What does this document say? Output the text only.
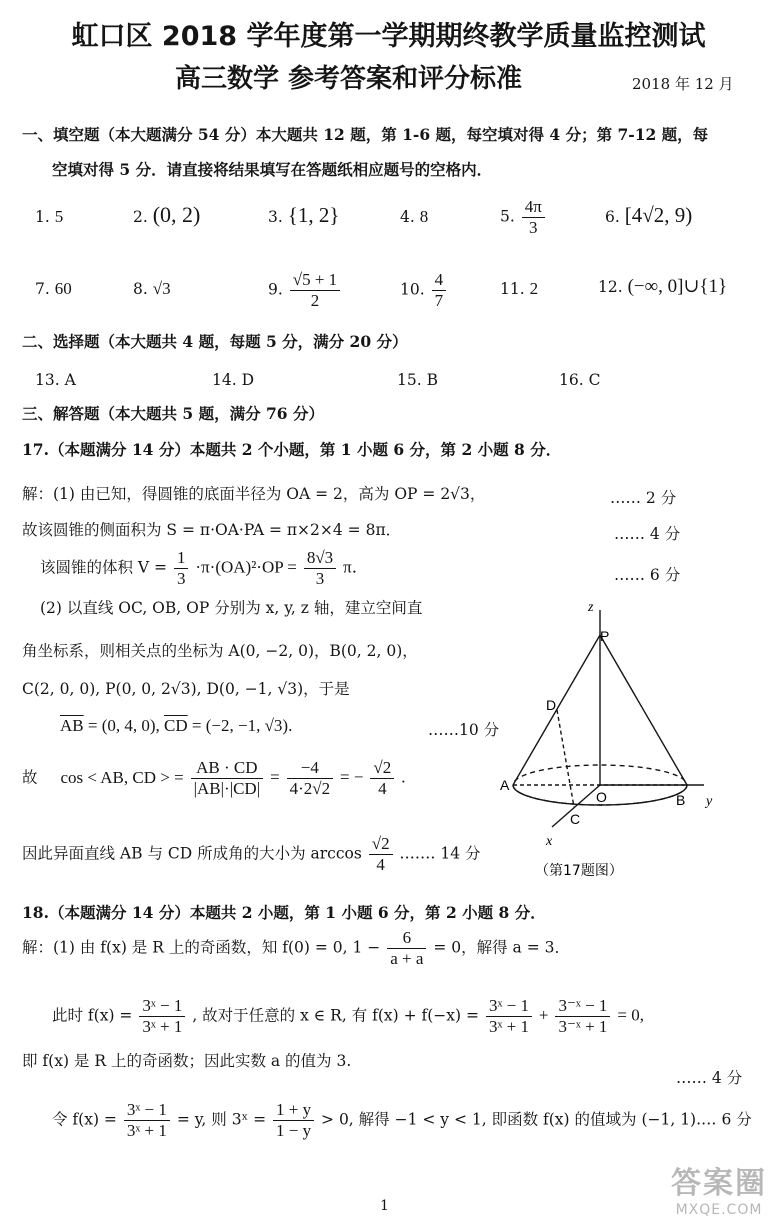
虹口区 2018 学年度第一学期期终教学质量监控测试
高三数学 参考答案和评分标准	2018 年 12 月
一、填空题（本大题满分 54 分）本大题共 12 题，第 1-6 题，每空填对得 4 分；第 7-12 题，每
空填对得 5 分．请直接将结果填写在答题纸相应题号的空格内．
1. 5	2. (0, 2)	3. {1, 2}	4. 8	5. $\frac{4\pi}{3}$	6. [4√2, 9)
7. 60	8. √3	9. $\frac{√5 + 1}{2}$	10. $\frac{4}{7}$	11. 2	12. (−∞, 0]∪{1}
二、选择题（本大题共 4 题，每题 5 分，满分 20 分）
13. A	14. D	15. B	16. C
三、解答题（本大题共 5 题，满分 76 分）
17.（本题满分 14 分）本题共 2 个小题，第 1 小题 6 分，第 2 小题 8 分．
解：(1) 由已知，得圆锥的底面半径为 OA = 2，高为 OP = 2√3，	…… 2 分
故该圆锥的侧面积为 S = π·OA·PA = π×2×4 = 8π．	…… 4 分
该圆锥的体积 $V = \frac{1}{3} \cdot\pi\cdot(OA)^2\cdot OP = \frac{8√3}{3}$ π．	…… 6 分
(2) 以直线 OC, OB, OP 分别为 x, y, z 轴，建立空间直
角坐标系，则相关点的坐标为 A(0, −2, 0)，B(0, 2, 0)，
C(2, 0, 0), P(0, 0, 2√3), D(0, −1, √3)，于是
$\overline{AB} = (0$, 4, 0), $\overline{CD} = (-2$, −1, √3).	……10 分
故 cos < AB, CD > = $\frac{AB \cdot CD}{|AB|\cdot|CD|} = \frac{-4}{4\cdot 2√2}$ = − $\frac{√2}{4}$ .
因此异面直线 AB 与 CD 所成角的大小为 $\arccos \frac{√2}{4}$ .…… 14 分
z
P
D
A
O	B y
C
x
（第17题图）
18.（本题满分 14 分）本题共 2 小题，第 1 小题 6 分，第 2 小题 8 分．
解：(1) 由 f(x) 是 R 上的奇函数，知 f(0) = 0, $1 - \frac{6}{a + a} = 0$，解得 a = 3．
此时 $f(x) = \frac{\text{3ˣ − 1}}{\text{3ˣ + 1}}$ , 故对于任意的 x ∈ R, 有 $f(x) + f(-x) = \frac{\text{3ˣ − 1}}{\text{3ˣ + 1}} + \frac{\text{3⁻ˣ − 1}}{\text{3⁻ˣ + 1}} = 0$,
即 f(x) 是 R 上的奇函数；因此实数 a 的值为 3.
…… 4 分
令 $f(x) = \frac{\text{3ˣ − 1}}{\text{3ˣ + 1}} = y$, 则 3ˣ = $\frac{1 + y}{1 - y} > 0$, 解得 −1 < y < 1, 即函数 f(x) 的值域为 (−1, 1).… 6 分
1
答案圈
MXQE.COM
